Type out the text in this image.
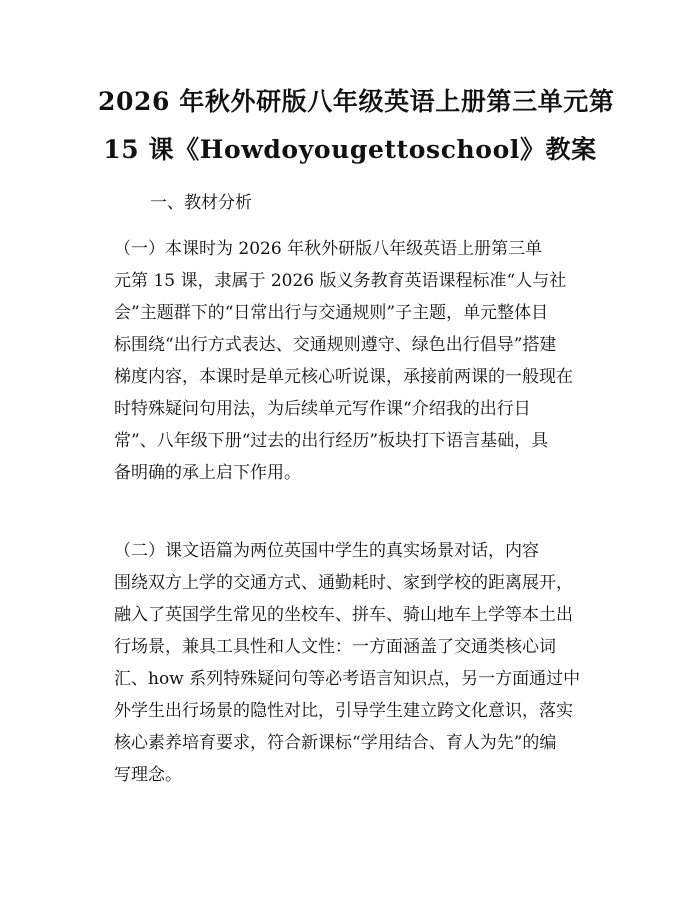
2026 年秋外研版八年级英语上册第三单元第
15 课《Howdoyougettoschool》教案
一、教材分析
（一）本课时为 2026 年秋外研版八年级英语上册第三单
元第 15 课，隶属于 2026 版义务教育英语课程标准“人与社
会”主题群下的“日常出行与交通规则”子主题，单元整体目
标围绕“出行方式表达、交通规则遵守、绿色出行倡导”搭建
梯度内容，本课时是单元核心听说课，承接前两课的一般现在
时特殊疑问句用法，为后续单元写作课“介绍我的出行日
常”、八年级下册“过去的出行经历”板块打下语言基础，具
备明确的承上启下作用。
（二）课文语篇为两位英国中学生的真实场景对话，内容
围绕双方上学的交通方式、通勤耗时、家到学校的距离展开，
融入了英国学生常见的坐校车、拼车、骑山地车上学等本土出
行场景，兼具工具性和人文性：一方面涵盖了交通类核心词
汇、how 系列特殊疑问句等必考语言知识点，另一方面通过中
外学生出行场景的隐性对比，引导学生建立跨文化意识，落实
核心素养培育要求，符合新课标“学用结合、育人为先”的编
写理念。
